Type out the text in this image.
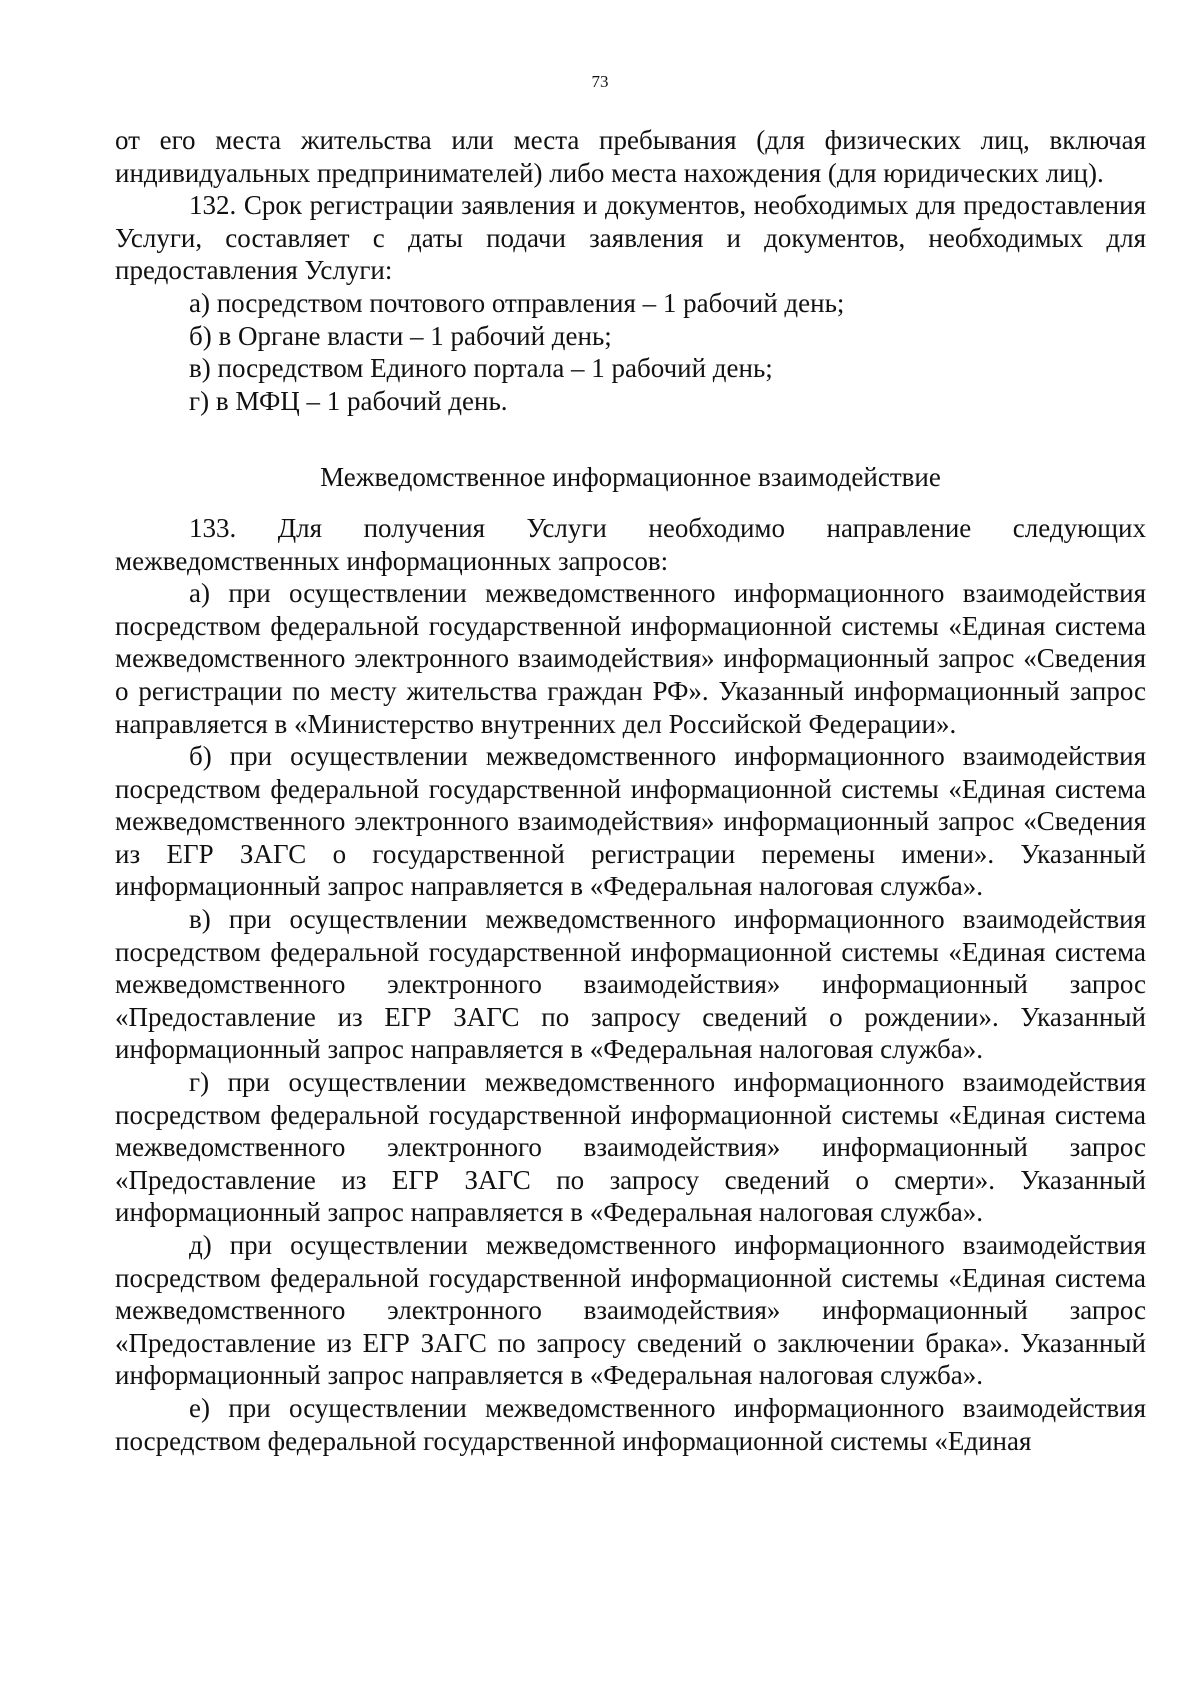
73

от его места жительства или места пребывания (для физических лиц, включая индивидуальных предпринимателей) либо места нахождения (для юридических лиц).

132. Срок регистрации заявления и документов, необходимых для предоставления Услуги, составляет с даты подачи заявления и документов, необходимых для предоставления Услуги:

а) посредством почтового отправления – 1 рабочий день;

б) в Органе власти – 1 рабочий день;

в) посредством Единого портала – 1 рабочий день;

г) в МФЦ – 1 рабочий день.

Межведомственное информационное взаимодействие

133. Для получения Услуги необходимо направление следующих межведомственных информационных запросов:

а) при осуществлении межведомственного информационного взаимодействия посредством федеральной государственной информационной системы «Единая система межведомственного электронного взаимодействия» информационный запрос «Сведения о регистрации по месту жительства граждан РФ». Указанный информационный запрос направляется в «Министерство внутренних дел Российской Федерации».

б) при осуществлении межведомственного информационного взаимодействия посредством федеральной государственной информационной системы «Единая система межведомственного электронного взаимодействия» информационный запрос «Сведения из ЕГР ЗАГС о государственной регистрации перемены имени». Указанный информационный запрос направляется в «Федеральная налоговая служба».

в) при осуществлении межведомственного информационного взаимодействия посредством федеральной государственной информационной системы «Единая система межведомственного электронного взаимодействия» информационный запрос «Предоставление из ЕГР ЗАГС по запросу сведений о рождении». Указанный информационный запрос направляется в «Федеральная налоговая служба».

г) при осуществлении межведомственного информационного взаимодействия посредством федеральной государственной информационной системы «Единая система межведомственного электронного взаимодействия» информационный запрос «Предоставление из ЕГР ЗАГС по запросу сведений о смерти». Указанный информационный запрос направляется в «Федеральная налоговая служба».

д) при осуществлении межведомственного информационного взаимодействия посредством федеральной государственной информационной системы «Единая система межведомственного электронного взаимодействия» информационный запрос «Предоставление из ЕГР ЗАГС по запросу сведений о заключении брака». Указанный информационный запрос направляется в «Федеральная налоговая служба».

е) при осуществлении межведомственного информационного взаимодействия посредством федеральной государственной информационной системы «Единая
